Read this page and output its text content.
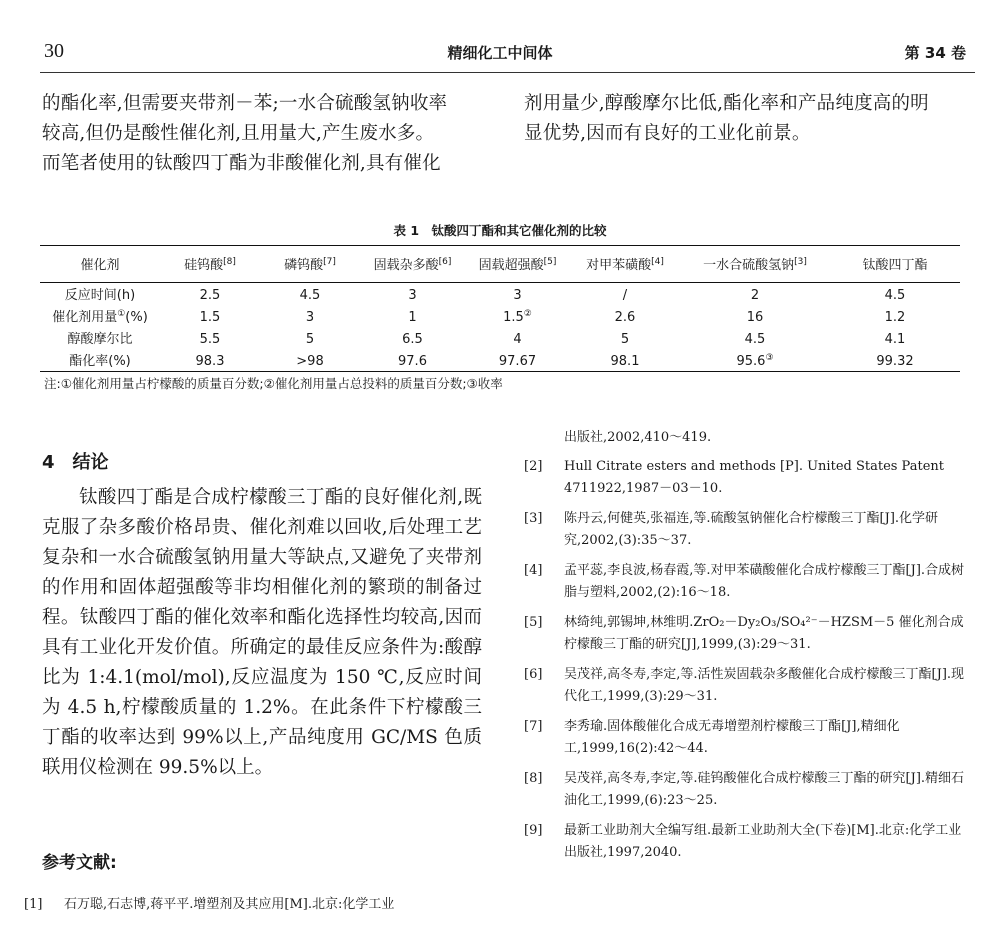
30	精细化工中间体	第 34 卷
的酯化率,但需要夹带剂－苯;一水合硫酸氢钠收率
较高,但仍是酸性催化剂,且用量大,产生废水多。
而笔者使用的钛酸四丁酯为非酸催化剂,具有催化
剂用量少,醇酸摩尔比低,酯化率和产品纯度高的明
显优势,因而有良好的工业化前景。
表 1　钛酸四丁酯和其它催化剂的比较
催化剂	硅钨酸[8]	磷钨酸[7]	固载杂多酸[6]	固载超强酸[5]	对甲苯磺酸[4]	一水合硫酸氢钠[3]	钛酸四丁酯
反应时间(h)	2.5	4.5	3	3	/	2	4.5
催化剂用量①(%)	1.5	3	1	1.5②	2.6	16	1.2
醇酸摩尔比	5.5	5	6.5	4	5	4.5	4.1
酯化率(%)	98.3	>98	97.6	97.67	98.1	95.6③	99.32
注:①催化剂用量占柠檬酸的质量百分数;②催化剂用量占总投料的质量百分数;③收率
4　结论
钛酸四丁酯是合成柠檬酸三丁酯的良好催化剂,既克服了杂多酸价格昂贵、催化剂难以回收,后处理工艺复杂和一水合硫酸氢钠用量大等缺点,又避免了夹带剂的作用和固体超强酸等非均相催化剂的繁琐的制备过程。钛酸四丁酯的催化效率和酯化选择性均较高,因而具有工业化开发价值。所确定的最佳反应条件为:酸醇比为 1:4.1(mol/mol),反应温度为 150 ℃,反应时间为 4.5 h,柠檬酸质量的 1.2%。在此条件下柠檬酸三丁酯的收率达到 99%以上,产品纯度用 GC/MS 色质联用仪检测在 99.5%以上。
参考文献:
[1] 石万聪,石志博,蒋平平.增塑剂及其应用[M].北京:化学工业
出版社,2002,410～419.
[2] Hull Citrate esters and methods [P]. United States Patent 4711922,1987－03－10.
[3] 陈丹云,何健英,张福连,等.硫酸氢钠催化合柠檬酸三丁酯[J].化学研究,2002,(3):35～37.
[4] 孟平蕊,李良波,杨春霞,等.对甲苯磺酸催化合成柠檬酸三丁酯[J].合成树脂与塑料,2002,(2):16～18.
[5] 林绮纯,郭锡坤,林维明.ZrO₂－Dy₂O₃/SO₄²⁻－HZSM－5 催化剂合成柠檬酸三丁酯的研究[J],1999,(3):29～31.
[6] 吴茂祥,高冬寿,李定,等.活性炭固载杂多酸催化合成柠檬酸三丁酯[J].现代化工,1999,(3):29～31.
[7] 李秀瑜.固体酸催化合成无毒增塑剂柠檬酸三丁酯[J],精细化工,1999,16(2):42～44.
[8] 吴茂祥,高冬寿,李定,等.硅钨酸催化合成柠檬酸三丁酯的研究[J].精细石油化工,1999,(6):23～25.
[9] 最新工业助剂大全编写组.最新工业助剂大全(下卷)[M].北京:化学工业出版社,1997,2040.
